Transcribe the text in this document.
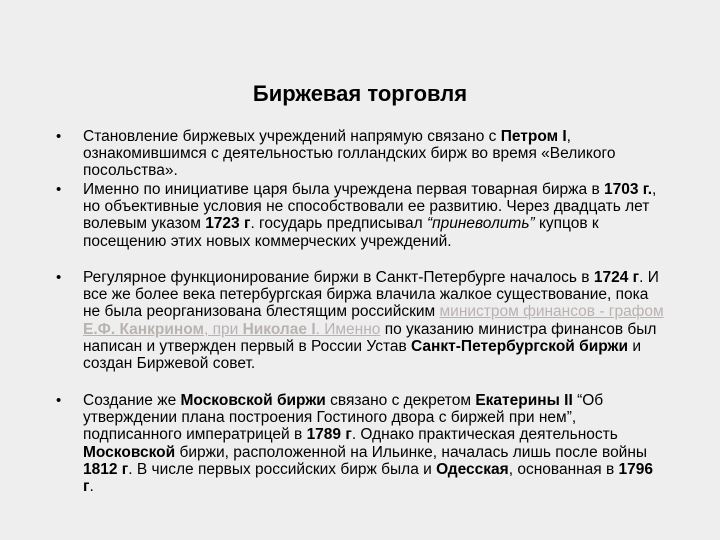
Биржевая торговля
•	Становление биржевых учреждений напрямую связано с Петром I, ознакомившимся с деятельностью голландских бирж во время «Великого посольства».
•	Именно по инициативе царя была учреждена первая товарная биржа в 1703 г., но объективные условия не способствовали ее развитию. Через двадцать лет волевым указом 1723 г. государь предписывал “приневолить” купцов к посещению этих новых коммерческих учреждений.
•	Регулярное функционирование биржи в Санкт-Петербурге началось в 1724 г. И все же более века петербургская биржа влачила жалкое существование, пока не была реорганизована блестящим российским министром финансов - графом Е.Ф. Канкрином, при Николае I. Именно по указанию министра финансов был написан и утвержден первый в России Устав Санкт-Петербургской биржи и создан Биржевой совет.
•	Создание же Московской биржи связано с декретом Екатерины II “Об утверждении плана построения Гостиного двора с биржей при нем”, подписанного императрицей в 1789 г. Однако практическая деятельность Московской биржи, расположенной на Ильинке, началась лишь после войны 1812 г. В числе первых российских бирж была и Одесская, основанная в 1796 г.
